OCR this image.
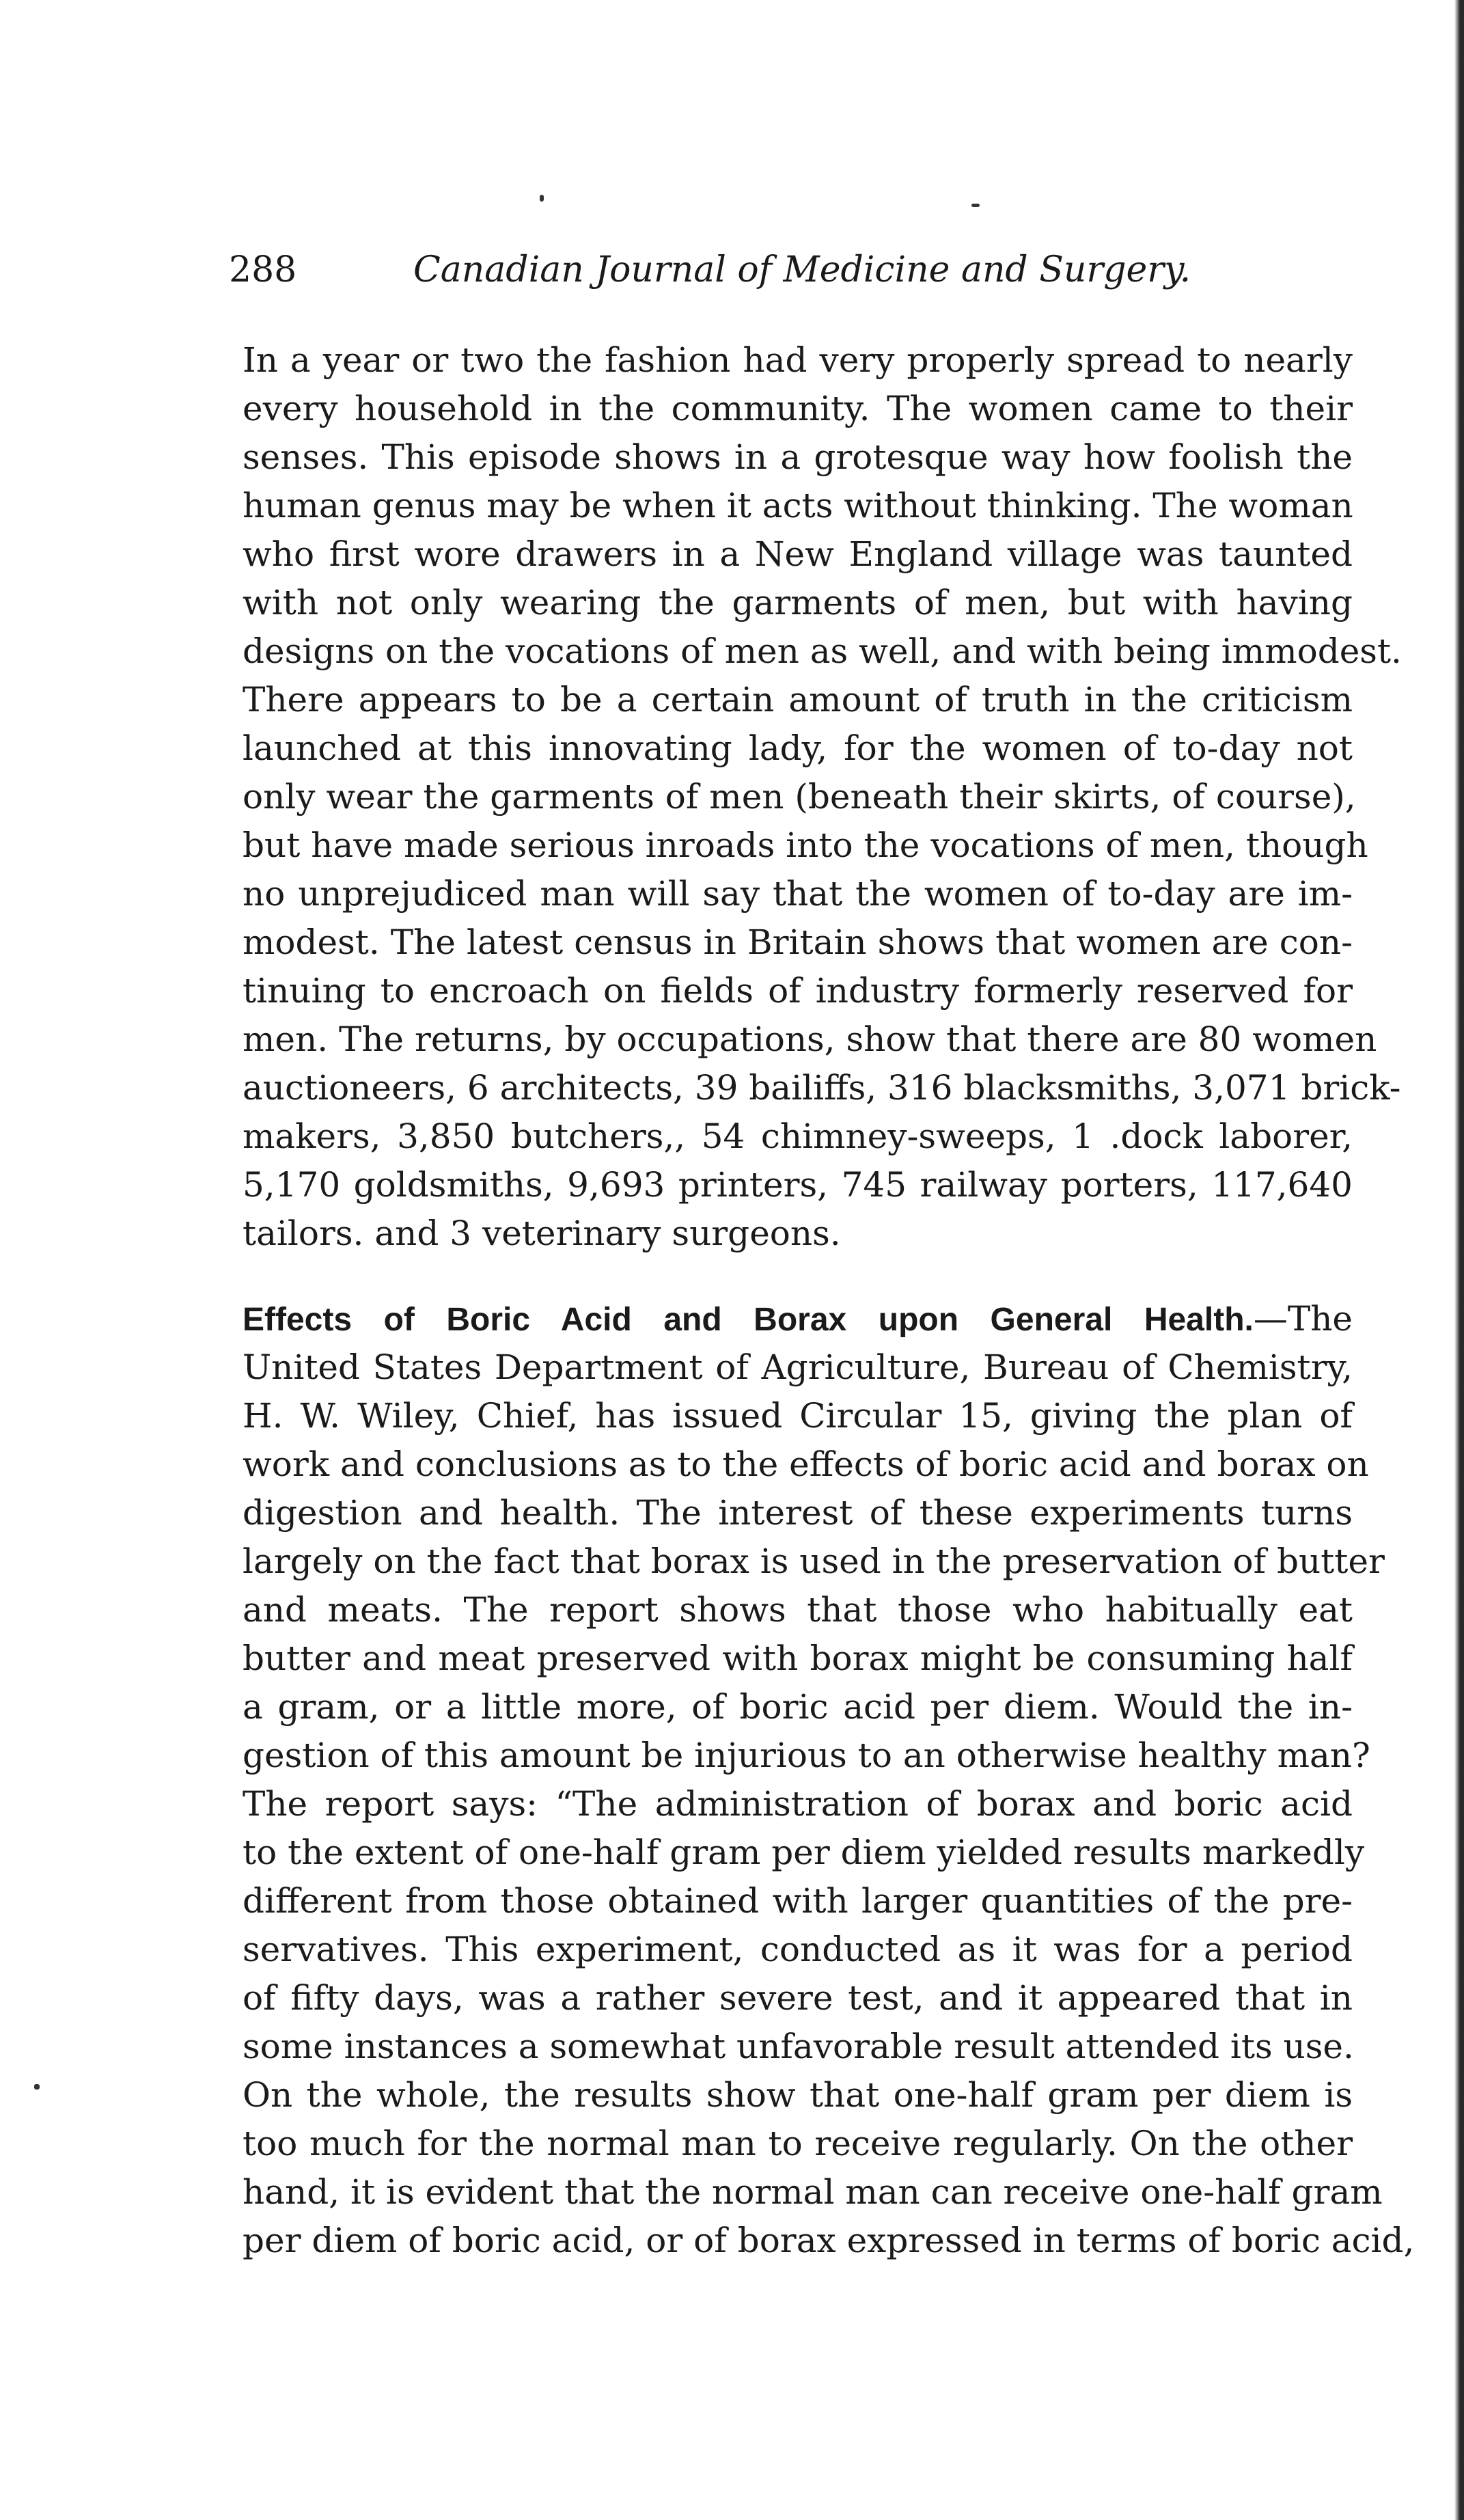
288	Canadian Journal of Medicine and Surgery.
In a year or two the fashion had very properly spread to nearly
every household in the community. The women came to their
senses. This episode shows in a grotesque way how foolish the
human genus may be when it acts without thinking. The woman
who first wore drawers in a New England village was taunted
with not only wearing the garments of men, but with having
designs on the vocations of men as well, and with being immodest.
There appears to be a certain amount of truth in the criticism
launched at this innovating lady, for the women of to-day not
only wear the garments of men (beneath their skirts, of course),
but have made serious inroads into the vocations of men, though
no unprejudiced man will say that the women of to-day are im-
modest. The latest census in Britain shows that women are con-
tinuing to encroach on fields of industry formerly reserved for
men. The returns, by occupations, show that there are 80 women
auctioneers, 6 architects, 39 bailiffs, 316 blacksmiths, 3,071 brick-
makers, 3,850 butchers,, 54 chimney-sweeps, 1 .dock laborer,
5,170 goldsmiths, 9,693 printers, 745 railway porters, 117,640
tailors. and 3 veterinary surgeons.
Effects of Boric Acid and Borax upon General Health.—The
United States Department of Agriculture, Bureau of Chemistry,
H. W. Wiley, Chief, has issued Circular 15, giving the plan of
work and conclusions as to the effects of boric acid and borax on
digestion and health. The interest of these experiments turns
largely on the fact that borax is used in the preservation of butter
and meats. The report shows that those who habitually eat
butter and meat preserved with borax might be consuming half
a gram, or a little more, of boric acid per diem. Would the in-
gestion of this amount be injurious to an otherwise healthy man?
The report says: “The administration of borax and boric acid
to the extent of one-half gram per diem yielded results markedly
different from those obtained with larger quantities of the pre-
servatives. This experiment, conducted as it was for a period
of fifty days, was a rather severe test, and it appeared that in
some instances a somewhat unfavorable result attended its use.
On the whole, the results show that one-half gram per diem is
too much for the normal man to receive regularly. On the other
hand, it is evident that the normal man can receive one-half gram
per diem of boric acid, or of borax expressed in terms of boric acid,
